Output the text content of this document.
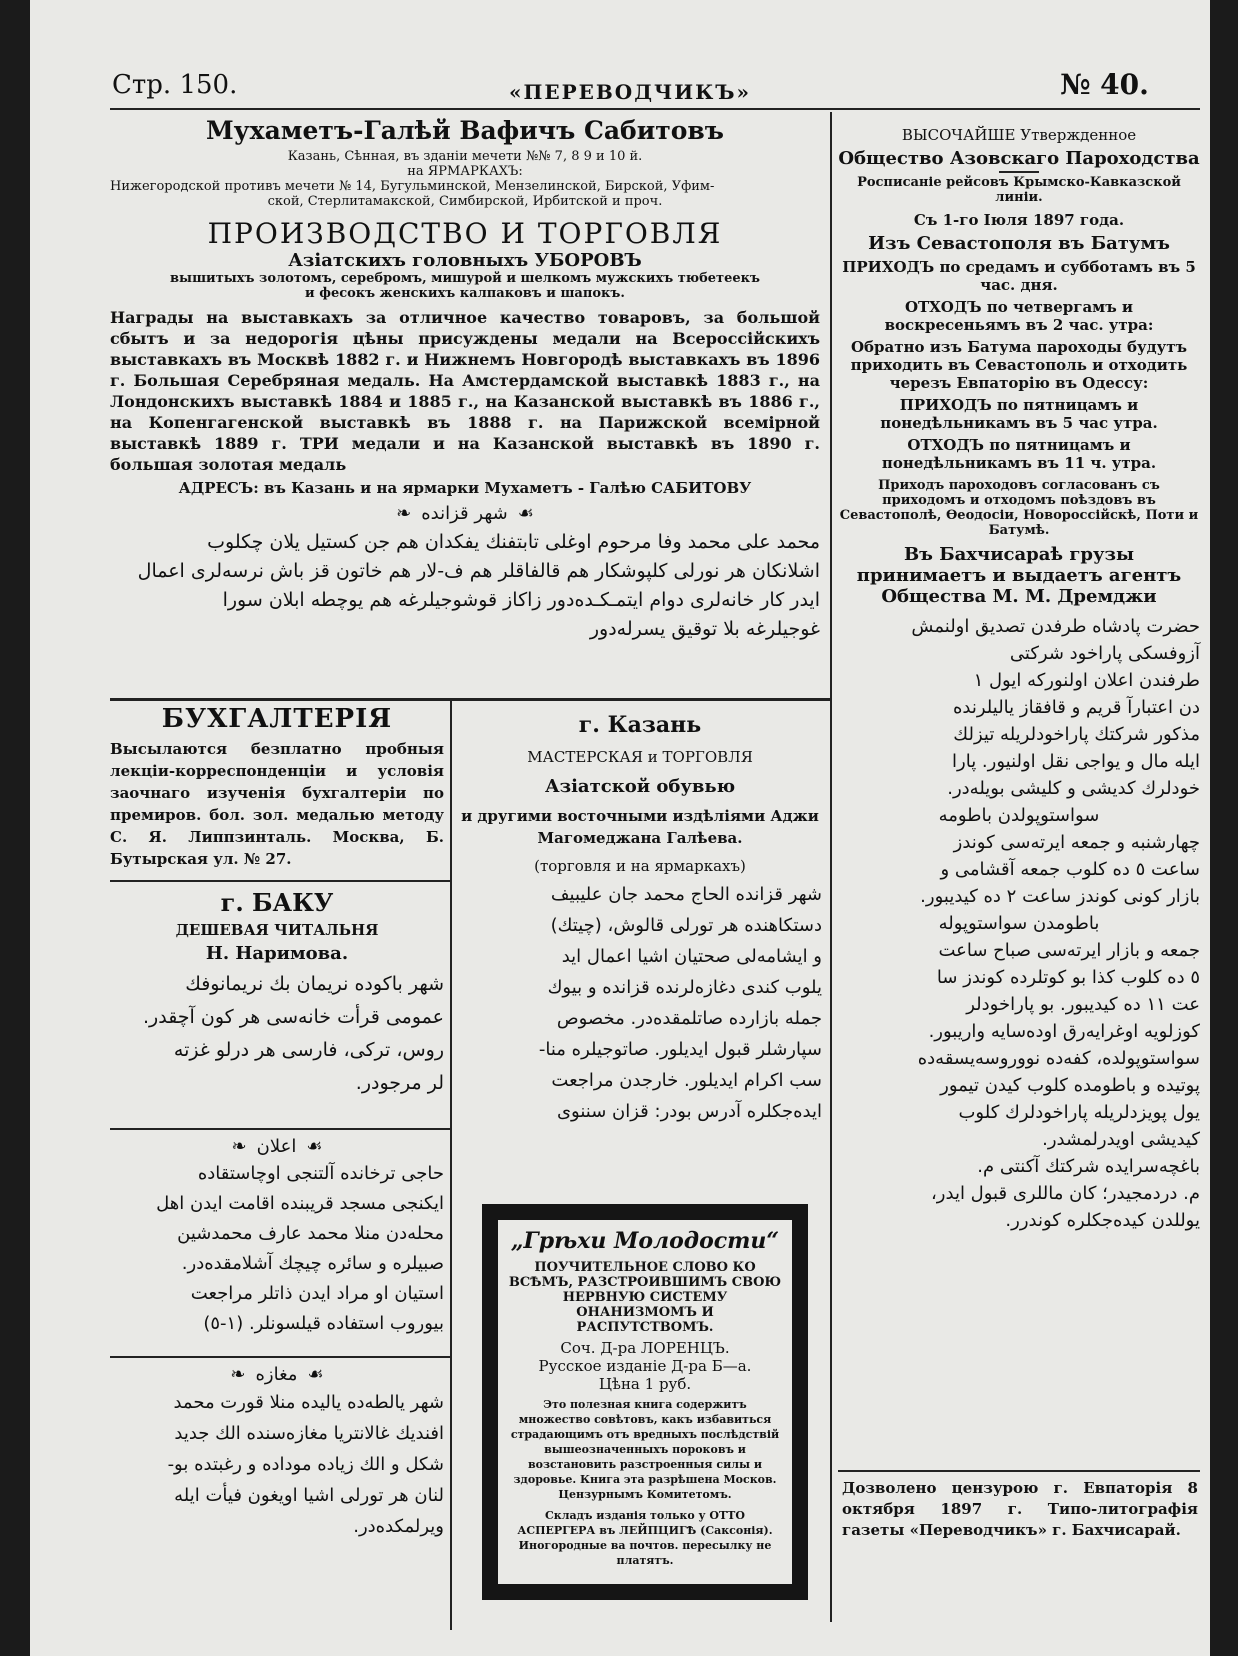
Стр. 150.	«ПЕРЕВОДЧИКЪ»	№ 40.
Мухаметъ-Галѣй Вафичъ Сабитовъ
Казань, Сѣнная, въ зданіи мечети №№ 7, 8 9 и 10 й.
на ЯРМАРКАХЪ:
Нижегородской противъ мечети № 14, Бугульминской, Мензелинской, Бирской, Уфим-
ской, Стерлитамакской, Симбирской, Ирбитской и проч.
ПРОИЗВОДСТВО И ТОРГОВЛЯ
Азіатскихъ головныхъ УБОРОВЪ
вышитыхъ золотомъ, серебромъ, мишурой и шелкомъ мужскихъ тюбетеекъ
и фесокъ женскихъ калпаковъ и шапокъ.
Награды на выставкахъ за отличное качество товаровъ, за большой сбытъ и за недорогія цѣны присуждены медали на Всероссійскихъ выставкахъ въ Москвѣ 1882 г. и Нижнемъ Новгородѣ выставкахъ въ 1896 г. Большая Серебряная медаль. На Амстердамской выставкѣ 1883 г., на Лондонскихъ выставкѣ 1884 и 1885 г., на Казанской выставкѣ въ 1886 г., на Копенгагенской выставкѣ въ 1888 г. на Парижской всемірной выставкѣ 1889 г. ТРИ медали и на Казанской выставкѣ въ 1890 г. большая золотая медаль
АДРЕСЪ: въ Казань и на ярмарки Мухаметъ - Галѣю САБИТОВУ
❧ شهر قزانده ☙
محمد علی محمد وفا مرحوم اوغلی تابتفنك يفكدان هم جن كستيل يلان چكلوب
اشلانكان هر نورلی كلپوشكار هم قالفاقلر هم ف-لار هم خاتون قز باش نرسەلری اعمال
ايدر كار خانەلری دوام ايتمـكـدەدور زاكاز قوشوجیلرغە هم يوچطە ابلان سورا
غوجیلرغە بلا توقيق يسرلەدور
ВЫСОЧАЙШЕ Утвержденное
Общество Азовскаго Пароходства
Росписаніе рейсовъ Крымско-Кавказской линіи.
Съ 1-го Іюля 1897 года.
Изъ Севастополя въ Батумъ
ПРИХОДЪ по средамъ и субботамъ въ 5 час. дня.
ОТХОДЪ по четвергамъ и воскресеньямъ въ 2 час. утра:
Обратно изъ Батума пароходы будутъ приходить въ Севастополь и отходить черезъ Евпаторію въ Одессу:
ПРИХОДЪ по пятницамъ и понедѣльникамъ въ 5 час утра.
ОТХОДЪ по пятницамъ и понедѣльникамъ въ 11 ч. утра.
Приходъ пароходовъ согласованъ съ приходомъ и отходомъ поѣздовъ въ Севастополѣ, Ѳеодосіи, Новороссійскѣ, Поти и Батумѣ.
Въ Бахчисараѣ грузы принимаетъ и выдаетъ агентъ Общества М. М. Дремджи
حضرت پادشاه طرفدن تصديق اولنمش
آزوفسكی پاراخود شركتی
طرفندن اعلان اولنوركە ايول ١
دن اعتبارآ قريم و قافقاز ياليلرنده
مذكور شركتك پاراخودلريلە تيزلك
ايلە مال و يواجی نقل اولنيور. پارا
خودلرك كديشی و كليشی بويلەدر.
سواستوپولدن باطومە
چهارشنبە و جمعە ايرتەسی كوندز
ساعت ٥ دە كلوب جمعە آقشامی و
بازار كونی كوندز ساعت ٢ دە كيديبور.
باطومدن سواستوپولە
جمعە و بازار ايرتەسی صباح ساعت
٥ دە كلوب كذا بو كوتلردە كوندز سا
عت ١١ دە كيديبور. بو پاراخودلر
كوزلويە اوغرايەرق اودەسايە واريبور.
سواستوپولدە، كفەدە نووروسەيسقەدە
پوتيدە و باطومدە كلوب كيدن تيمور
يول پويزدلريلە پاراخودلرك كلوب
كيديشی اويدرلمشدر.
باغچەسرايدە شركتك آكنتی م.
م. دردمجیدر؛ كان ماللری قبول ايدر،
يوللدن كيدەجكلرە كوندرر.
Дозволено цензурою г. Евпаторія 8 октября 1897 г. Типо-литографія газеты «Переводчикъ» г. Бахчисарай.
БУХГАЛТЕРІЯ
Высылаются безплатно пробныя лекціи-корреспонденціи и условія заочнаго изученія бухгалтеріи по премиров. бол. зол. медалью методу С. Я. Липпзинталь. Москва, Б. Бутырская ул. № 27.
г. БАКУ
ДЕШЕВАЯ ЧИТАЛЬНЯ
Н. Наримова.
شهر باكودە نريمان بك نريمانوفك
عمومی قرأت خانەسی هر كون آچقدر.
روس، تركی، فارسی هر درلو غزتە
لر مرجودر.
❧ اعلان ☙
حاجی ترخانده آلتنجی اوچاستقادە
ايكنجی مسجد قريبندە اقامت ايدن اهل
محلەدن منلا محمد عارف محمدشين
صبيلرە و سائرە چيچك آشلامقدەدر.
استيان او مراد ايدن ذاتلر مراجعت
بيوروب استفادە قيلسونلر. (١-٥)
❧ مغازە ☙
شهر يالطەدە يالیدە منلا قورت محمد
افنديك غالانتريا مغازەسندە الك جديد
شكل و الك زيادە مودادە و رغبتدە بو-
لنان هر تورلی اشيا اويغون فيأت ايلە
ويرلمكدەدر.
г. Казань
МАСТЕРСКАЯ и ТОРГОВЛЯ
Азіатской обувью
и другими восточными издѣліями Аджи Магомеджана Галѣева.
(торговля и на ярмаркахъ)
شهر قزانده الحاج محمد جان عليبيف
دستكاهندە هر تورلی قالوش، (چيتك)
و ايشامەلی صحتيان اشيا اعمال ايد
يلوب كندی دغازەلرندە قزاندە و بيوك
جملە بازاردە صاتلمقدەدر. مخصوص
سپارشلر قبول ايديلور. صاتوجيلرە منا-
سب اكرام ايديلور. خارجدن مراجعت
ايدەجكلرە آدرس بودر: قزان سننوی
„Грѣхи Молодости“
ПОУЧИТЕЛЬНОЕ СЛОВО КО ВСѢМЪ, РАЗСТРОИВШИМЪ СВОЮ НЕРВНУЮ СИСТЕМУ ОНАНИЗМОМЪ И РАСПУТСТВОМЪ.
Соч. Д-ра ЛОРЕНЦЪ.
Русское изданіе Д-ра Б—а.
Цѣна 1 руб.
Это полезная книга содержитъ множество совѣтовъ, какъ избавиться страдающимъ отъ вредныхъ послѣдствій вышеозначенныхъ пороковъ и возстановить разстроенныя силы и здоровье. Книга эта разрѣшена Москов. Цензурнымъ Комитетомъ.
Складъ изданія только у ОТТО АСПЕРГЕРА въ ЛЕЙПЦИГѢ (Саксонія). Иногородные ва почтов. пересылку не платятъ.
